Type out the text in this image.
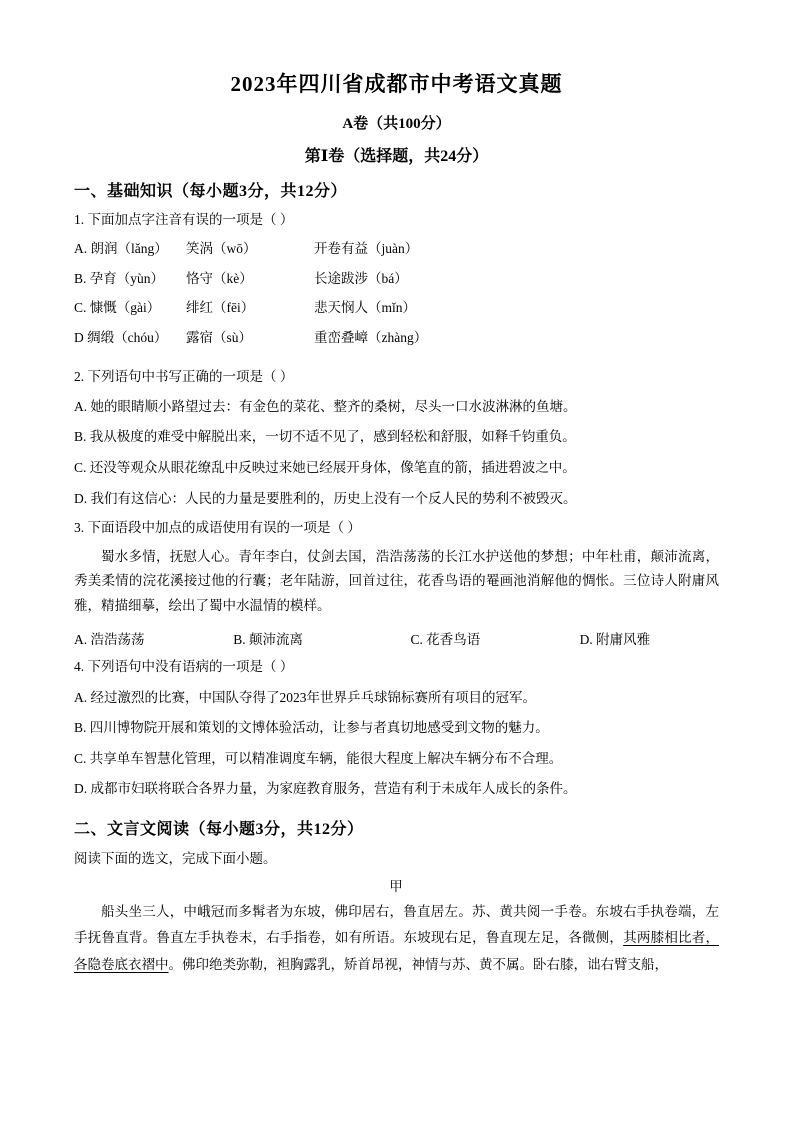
2023年四川省成都市中考语文真题
A卷（共100分）
第Ⅰ卷（选择题，共24分）
一、基础知识（每小题3分，共12分）
1. 下面加点字注音有误的一项是（ ）
A. 朗润（lǎng）	笑涡（wō）	开卷有益（juàn）
B. 孕育（yùn）	恪守（kè）	长途跋涉（bá）
C. 慷慨（gài）	绯红（fēi）	悲天悯人（mǐn）
D 绸缎（chóu）	露宿（sù）	重峦叠嶂（zhàng）
2. 下列语句中书写正确的一项是（ ）
A. 她的眼睛顺小路望过去：有金色的菜花、整齐的桑树，尽头一口水波淋淋的鱼塘。
B. 我从极度的难受中解脱出来，一切不适不见了，感到轻松和舒服，如释千钧重负。
C. 还没等观众从眼花缭乱中反映过来她已经展开身体，像笔直的箭，插进碧波之中。
D. 我们有这信心：人民的力量是要胜利的，历史上没有一个反人民的势利不被毁灭。
3. 下面语段中加点的成语使用有误的一项是（ ）
蜀水多情，抚慰人心。青年李白，仗剑去国，浩浩荡荡的长江水护送他的梦想；中年杜甫，颠沛流离，秀美柔情的浣花溪接过他的行囊；老年陆游，回首过往，花香鸟语的罨画池消解他的惆怅。三位诗人附庸风雅，精描细摹，绘出了蜀中水温情的模样。
A. 浩浩荡荡	B. 颠沛流离	C. 花香鸟语	D. 附庸风雅
4. 下列语句中没有语病的一项是（ ）
A. 经过激烈的比赛，中国队夺得了2023年世界乒乓球锦标赛所有项目的冠军。
B. 四川博物院开展和策划的文博体验活动，让参与者真切地感受到文物的魅力。
C. 共享单车智慧化管理，可以精准调度车辆，能很大程度上解决车辆分布不合理。
D. 成都市妇联将联合各界力量，为家庭教育服务，营造有利于未成年人成长的条件。
二、文言文阅读（每小题3分，共12分）
阅读下面的选文，完成下面小题。
甲
船头坐三人，中峨冠而多髯者为东坡，佛印居右，鲁直居左。苏、黄共阅一手卷。东坡右手执卷端，左手抚鲁直背。鲁直左手执卷末，右手指卷，如有所语。东坡现右足，鲁直现左足，各微侧，其两膝相比者，各隐卷底衣褶中。佛印绝类弥勒，袒胸露乳，矫首昂视，神情与苏、黄不属。卧右膝，诎右臂支船，
